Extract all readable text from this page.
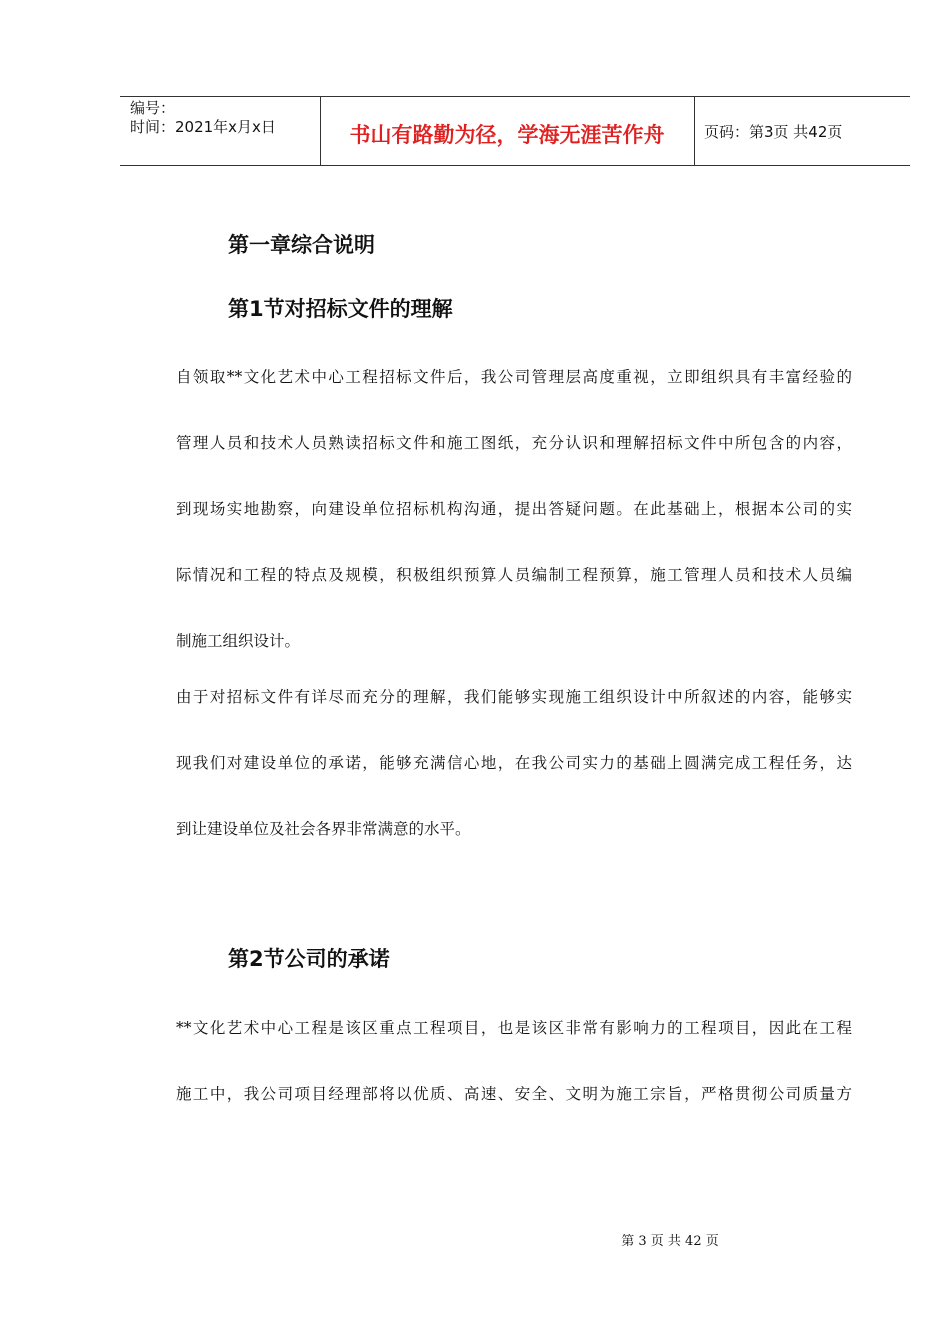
编号：
时间：2021年x月x日	书山有路勤为径，学海无涯苦作舟	页码：第3页 共42页
第一章综合说明
第1节对招标文件的理解
自领取**文化艺术中心工程招标文件后，我公司管理层高度重视，立即组织具有丰富经验的
管理人员和技术人员熟读招标文件和施工图纸，充分认识和理解招标文件中所包含的内容，
到现场实地勘察，向建设单位招标机构沟通，提出答疑问题。在此基础上，根据本公司的实
际情况和工程的特点及规模，积极组织预算人员编制工程预算，施工管理人员和技术人员编
制施工组织设计。
由于对招标文件有详尽而充分的理解，我们能够实现施工组织设计中所叙述的内容，能够实
现我们对建设单位的承诺，能够充满信心地，在我公司实力的基础上圆满完成工程任务，达
到让建设单位及社会各界非常满意的水平。
第2节公司的承诺
**文化艺术中心工程是该区重点工程项目，也是该区非常有影响力的工程项目，因此在工程
施工中，我公司项目经理部将以优质、高速、安全、文明为施工宗旨，严格贯彻公司质量方
第 3 页 共 42 页
